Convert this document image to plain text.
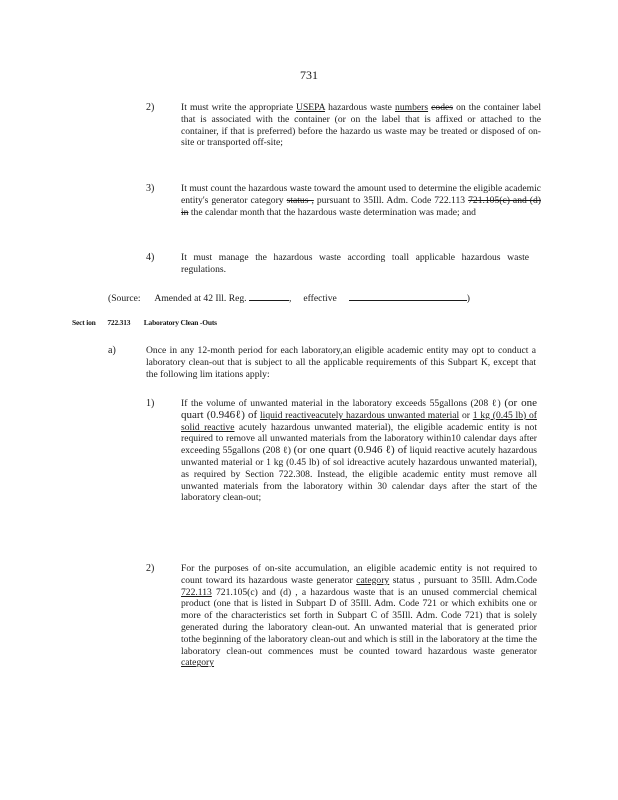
731
2)	It must write the appropriate USEPA hazardous waste numbers codes on the container label that is associated with the container (or on the label that is affixed or attached to the container, if that is preferred) before the hazardo us waste may be treated or disposed of on-site or transported off-site;
3)	It must count the hazardous waste toward the amount used to determine the eligible academic entity's generator category status , pursuant to 35Ill. Adm. Code 722.113 721.105(c) and (d) in the calendar month that the hazardous waste determination was made; and
4)	It must manage the hazardous waste according toall applicable hazardous waste regulations.
(Source: Amended at 42 Ill. Reg.	,     effective	)
Sect ion 722.313 Laboratory Clean -Outs
a)	Once in any 12-month period for each laboratory,an eligible academic entity may opt to conduct a laboratory clean-out that is subject to all the applicable requirements of this Subpart K, except that the following lim itations apply:
1)	If the volume of unwanted material in the laboratory exceeds 55gallons (208 ℓ) (or one quart (0.946ℓ) of liquid reactiveacutely hazardous unwanted material or 1 kg (0.45 lb) of solid reactive acutely hazardous unwanted material), the eligible academic entity is not required to remove all unwanted materials from the laboratory within10 calendar days after exceeding 55gallons (208 ℓ) (or one quart (0.946 ℓ) of liquid reactive acutely hazardous unwanted material or 1 kg (0.45 lb) of sol idreactive acutely hazardous unwanted material), as required by Section 722.308. Instead, the eligible academic entity must remove all unwanted materials from the laboratory within 30 calendar days after the start of the laboratory clean-out;
2)	For the purposes of on-site accumulation, an eligible academic entity is not required to count toward its hazardous waste generator category status , pursuant to 35Ill. Adm.Code 722.113 721.105(c) and (d) , a hazardous waste that is an unused commercial chemical product (one that is listed in Subpart D of 35Ill. Adm. Code 721 or which exhibits one or more of the characteristics set forth in Subpart C of 35Ill. Adm. Code 721) that is solely generated during the laboratory clean-out. An unwanted material that is generated prior tothe beginning of the laboratory clean-out and which is still in the laboratory at the time the laboratory clean-out commences must be counted toward hazardous waste generator category
